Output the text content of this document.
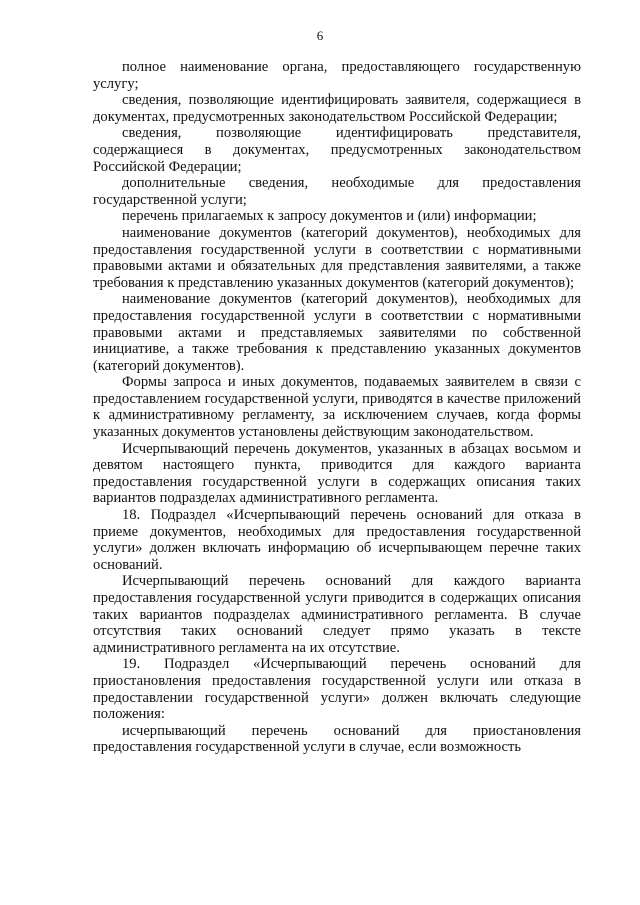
6

полное наименование органа, предоставляющего государственную услугу;

сведения, позволяющие идентифицировать заявителя, содержащиеся в документах, предусмотренных законодательством Российской Федерации;

сведения, позволяющие идентифицировать представителя, содержащиеся в документах, предусмотренных законодательством Российской Федерации;

дополнительные сведения, необходимые для предоставления государственной услуги;

перечень прилагаемых к запросу документов и (или) информации;

наименование документов (категорий документов), необходимых для предоставления государственной услуги в соответствии с нормативными правовыми актами и обязательных для представления заявителями, а также требования к представлению указанных документов (категорий документов);

наименование документов (категорий документов), необходимых для предоставления государственной услуги в соответствии с нормативными правовыми актами и представляемых заявителями по собственной инициативе, а также требования к представлению указанных документов (категорий документов).

Формы запроса и иных документов, подаваемых заявителем в связи с предоставлением государственной услуги, приводятся в качестве приложений к административному регламенту, за исключением случаев, когда формы указанных документов установлены действующим законодательством.

Исчерпывающий перечень документов, указанных в абзацах восьмом и девятом настоящего пункта, приводится для каждого варианта предоставления государственной услуги в содержащих описания таких вариантов подразделах административного регламента.

18. Подраздел «Исчерпывающий перечень оснований для отказа в приеме документов, необходимых для предоставления государственной услуги» должен включать информацию об исчерпывающем перечне таких оснований.

Исчерпывающий перечень оснований для каждого варианта предоставления государственной услуги приводится в содержащих описания таких вариантов подразделах административного регламента. В случае отсутствия таких оснований следует прямо указать в тексте административного регламента на их отсутствие.

19. Подраздел «Исчерпывающий перечень оснований для приостановления предоставления государственной услуги или отказа в предоставлении государственной услуги» должен включать следующие положения:

исчерпывающий перечень оснований для приостановления предоставления государственной услуги в случае, если возможность
